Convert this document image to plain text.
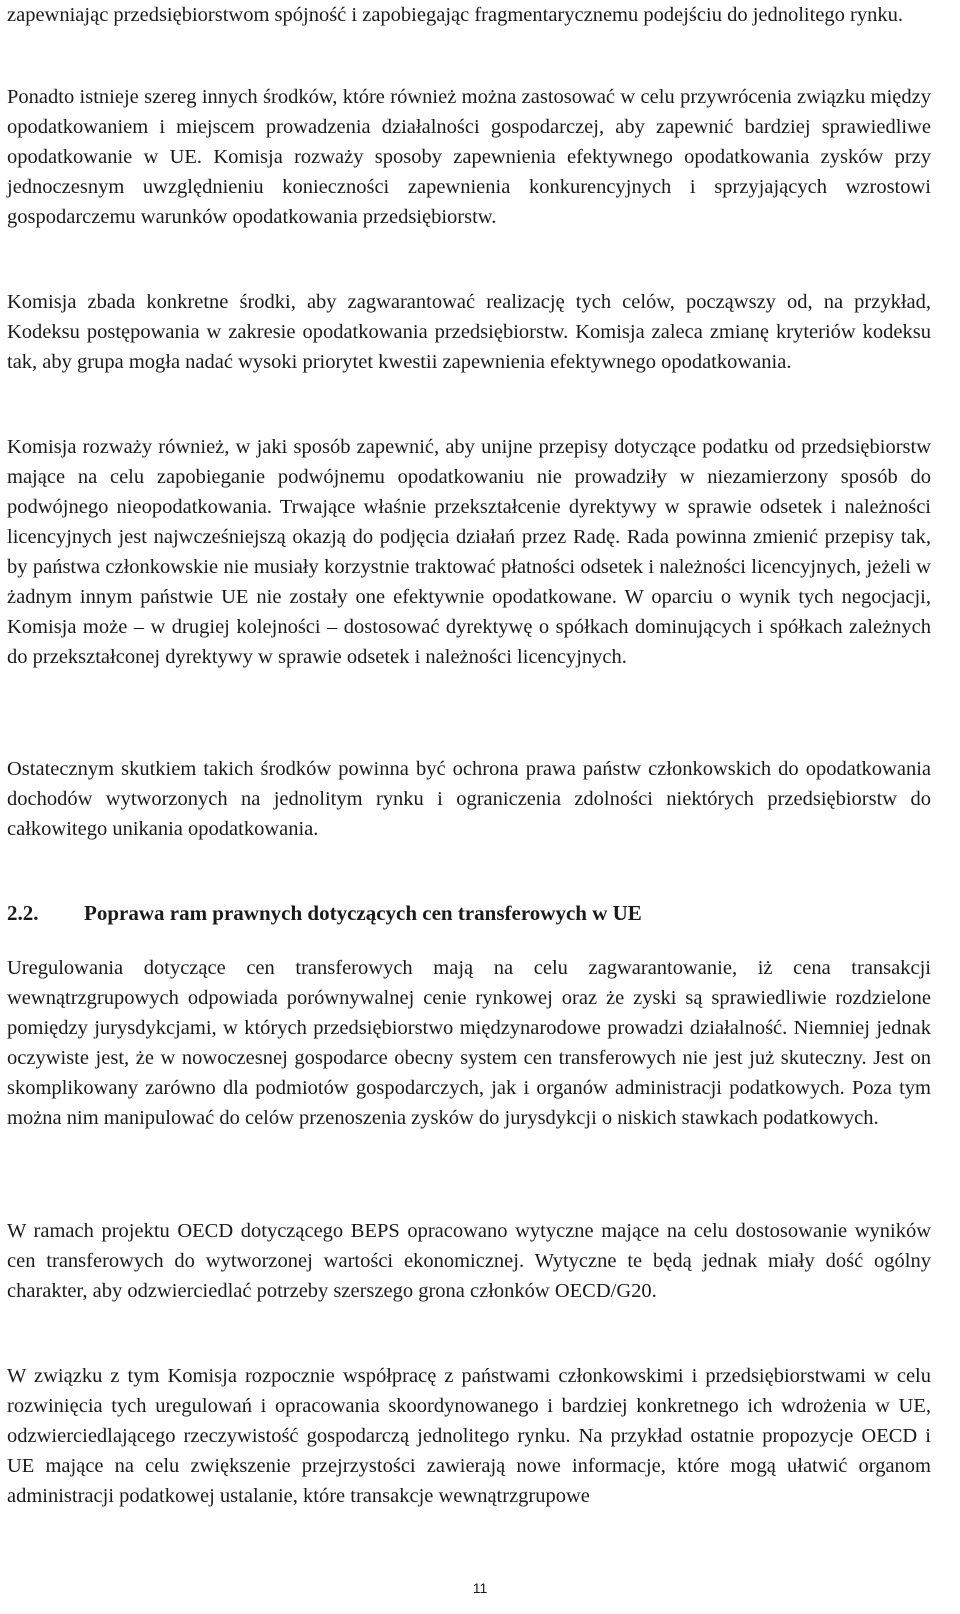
zapewniając przedsiębiorstwom spójność i zapobiegając fragmentarycznemu podejściu do jednolitego rynku.

Ponadto istnieje szereg innych środków, które również można zastosować w celu przywrócenia związku między opodatkowaniem i miejscem prowadzenia działalności gospodarczej, aby zapewnić bardziej sprawiedliwe opodatkowanie w UE. Komisja rozważy sposoby zapewnienia efektywnego opodatkowania zysków przy jednoczesnym uwzględnieniu konieczności zapewnienia konkurencyjnych i sprzyjających wzrostowi gospodarczemu warunków opodatkowania przedsiębiorstw.

Komisja zbada konkretne środki, aby zagwarantować realizację tych celów, począwszy od, na przykład, Kodeksu postępowania w zakresie opodatkowania przedsiębiorstw. Komisja zaleca zmianę kryteriów kodeksu tak, aby grupa mogła nadać wysoki priorytet kwestii zapewnienia efektywnego opodatkowania.

Komisja rozważy również, w jaki sposób zapewnić, aby unijne przepisy dotyczące podatku od przedsiębiorstw mające na celu zapobieganie podwójnemu opodatkowaniu nie prowadziły w niezamierzony sposób do podwójnego nieopodatkowania. Trwające właśnie przekształcenie dyrektywy w sprawie odsetek i należności licencyjnych jest najwcześniejszą okazją do podjęcia działań przez Radę. Rada powinna zmienić przepisy tak, by państwa członkowskie nie musiały korzystnie traktować płatności odsetek i należności licencyjnych, jeżeli w żadnym innym państwie UE nie zostały one efektywnie opodatkowane. W oparciu o wynik tych negocjacji, Komisja może – w drugiej kolejności – dostosować dyrektywę o spółkach dominujących i spółkach zależnych do przekształconej dyrektywy w sprawie odsetek i należności licencyjnych.

Ostatecznym skutkiem takich środków powinna być ochrona prawa państw członkowskich do opodatkowania dochodów wytworzonych na jednolitym rynku i ograniczenia zdolności niektórych przedsiębiorstw do całkowitego unikania opodatkowania.

2.2. Poprawa ram prawnych dotyczących cen transferowych w UE

Uregulowania dotyczące cen transferowych mają na celu zagwarantowanie, iż cena transakcji wewnątrzgrupowych odpowiada porównywalnej cenie rynkowej oraz że zyski są sprawiedliwie rozdzielone pomiędzy jurysdykcjami, w których przedsiębiorstwo międzynarodowe prowadzi działalność. Niemniej jednak oczywiste jest, że w nowoczesnej gospodarce obecny system cen transferowych nie jest już skuteczny. Jest on skomplikowany zarówno dla podmiotów gospodarczych, jak i organów administracji podatkowych. Poza tym można nim manipulować do celów przenoszenia zysków do jurysdykcji o niskich stawkach podatkowych.

W ramach projektu OECD dotyczącego BEPS opracowano wytyczne mające na celu dostosowanie wyników cen transferowych do wytworzonej wartości ekonomicznej. Wytyczne te będą jednak miały dość ogólny charakter, aby odzwierciedlać potrzeby szerszego grona członków OECD/G20.

W związku z tym Komisja rozpocznie współpracę z państwami członkowskimi i przedsiębiorstwami w celu rozwinięcia tych uregulowań i opracowania skoordynowanego i bardziej konkretnego ich wdrożenia w UE, odzwierciedlającego rzeczywistość gospodarczą jednolitego rynku. Na przykład ostatnie propozycje OECD i UE mające na celu zwiększenie przejrzystości zawierają nowe informacje, które mogą ułatwić organom administracji podatkowej ustalanie, które transakcje wewnątrzgrupowe

11
